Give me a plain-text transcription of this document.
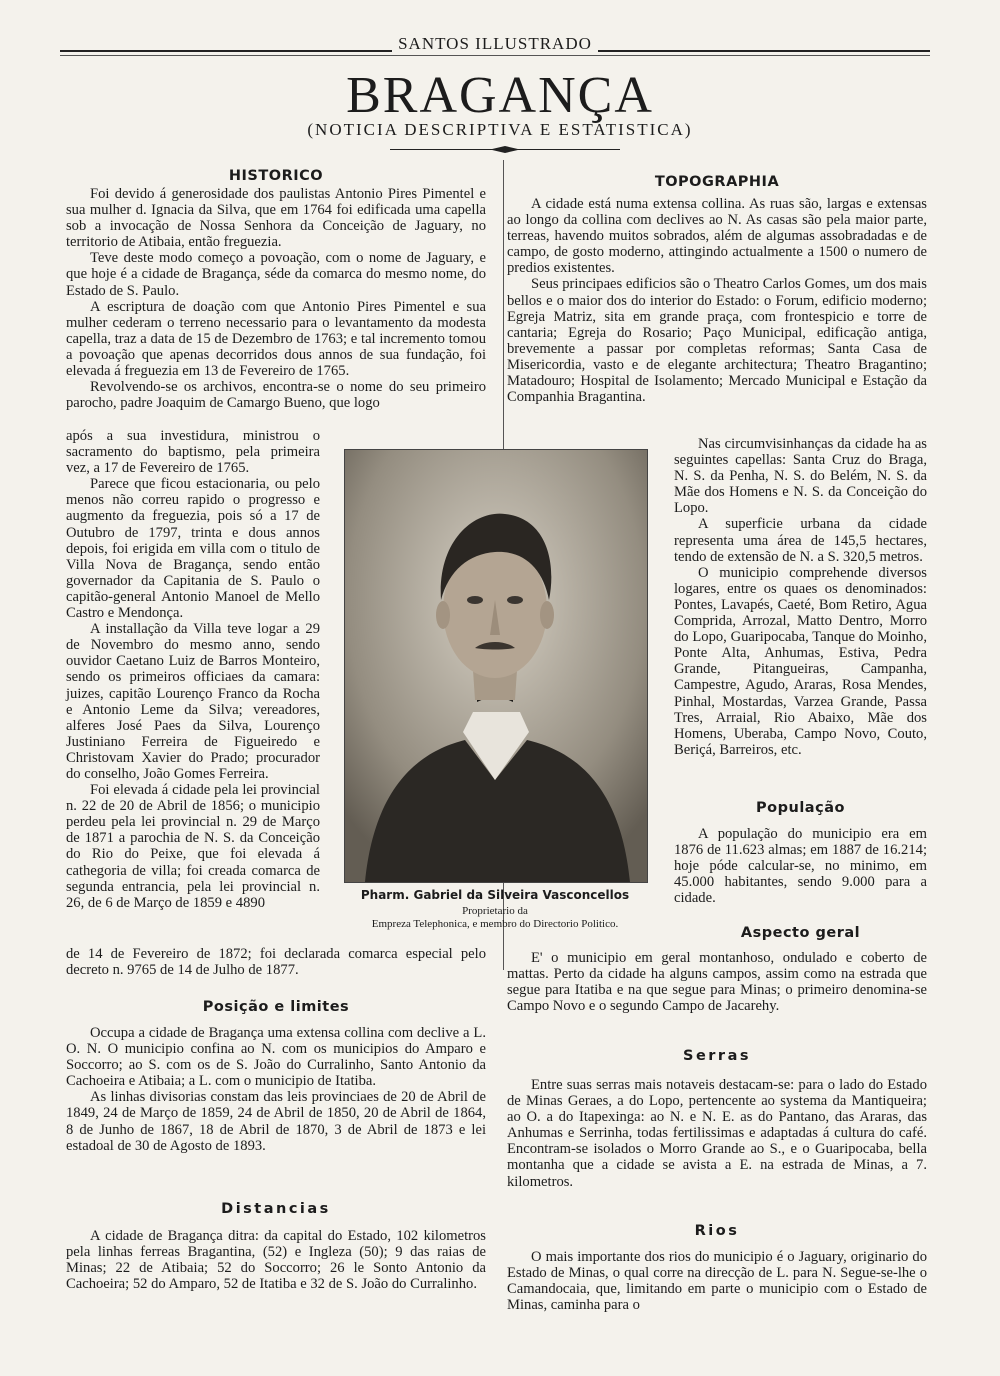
SANTOS ILLUSTRADO
BRAGANÇA
(NOTICIA DESCRIPTIVA E ESTATISTICA)
HISTORICO

Foi devido á generosidade dos paulistas Antonio Pires Pimentel e sua mulher d. Ignacia da Silva, que em 1764 foi edificada uma capella sob a invocação de Nossa Senhora da Conceição de Jaguary, no territorio de Atibaia, então freguezia.

Teve deste modo começo a povoação, com o nome de Jaguary, e que hoje é a cidade de Bragança, séde da comarca do mesmo nome, do Estado de S. Paulo.

A escriptura de doação com que Antonio Pires Pimentel e sua mulher cederam o terreno necessario para o levantamento da modesta capella, traz a data de 15 de Dezembro de 1763; e tal incremento tomou a povoação que apenas decorridos dous annos de sua fundação, foi elevada á freguezia em 13 de Fevereiro de 1765.

Revolvendo-se os archivos, encontra-se o nome do seu primeiro parocho, padre Joaquim de Camargo Bueno, que logo

após a sua investidura, ministrou o sacramento do baptismo, pela primeira vez, a 17 de Fevereiro de 1765.

Parece que ficou estacionaria, ou pelo menos não correu rapido o progresso e augmento da freguezia, pois só a 17 de Outubro de 1797, trinta e dous annos depois, foi erigida em villa com o titulo de Villa Nova de Bragança, sendo então governador da Capitania de S. Paulo o capitão-general Antonio Manoel de Mello Castro e Mendonça.

A installação da Villa teve logar a 29 de Novembro do mesmo anno, sendo ouvidor Caetano Luiz de Barros Monteiro, sendo os primeiros officiaes da camara: juizes, capitão Lourenço Franco da Rocha e Antonio Leme da Silva; vereadores, alferes José Paes da Silva, Lourenço Justiniano Ferreira de Figueiredo e Christovam Xavier do Prado; procurador do conselho, João Gomes Ferreira.

Foi elevada á cidade pela lei provincial n. 22 de 20 de Abril de 1856; o municipio perdeu pela lei provincial n. 29 de Março de 1871 a parochia de N. S. da Conceição do Rio do Peixe, que foi elevada á cathegoria de villa; foi creada comarca de segunda entrancia, pela lei provincial n. 26, de 6 de Março de 1859 e 4890

de 14 de Fevereiro de 1872; foi declarada comarca especial pelo decreto n. 9765 de 14 de Julho de 1877.

Posição e limites

Occupa a cidade de Bragança uma extensa collina com declive a L. O. N. O municipio confina ao N. com os municipios do Amparo e Soccorro; ao S. com os de S. João do Curralinho, Santo Antonio da Cachoeira e Atibaia; a L. com o municipio de Itatiba.

As linhas divisorias constam das leis provinciaes de 20 de Abril de 1849, 24 de Março de 1859, 24 de Abril de 1850, 20 de Abril de 1864, 8 de Junho de 1867, 18 de Abril de 1870, 3 de Abril de 1873 e lei estadoal de 30 de Agosto de 1893.

Distancias

A cidade de Bragança ditra: da capital do Estado, 102 kilometros pela linhas ferreas Bragantina, (52) e Ingleza (50); 9 das raias de Minas; 22 de Atibaia; 52 do Soccorro; 26 le Sonto Antonio da Cachoeira; 52 do Amparo, 52 de Itatiba e 32 de S. João do Curralinho.

TOPOGRAPHIA

A cidade está numa extensa collina. As ruas são, largas e extensas ao longo da collina com declives ao N. As casas são pela maior parte, terreas, havendo muitos sobrados, além de algumas assobradadas e de campo, de gosto moderno, attingindo actualmente a 1500 o numero de predios existentes.

Seus principaes edificios são o Theatro Carlos Gomes, um dos mais bellos e o maior dos do interior do Estado: o Forum, edificio moderno; Egreja Matriz, sita em grande praça, com frontespicio e torre de cantaria; Egreja do Rosario; Paço Municipal, edificação antiga, brevemente a passar por completas reformas; Santa Casa de Misericordia, vasto e de elegante architectura; Theatro Bragantino; Matadouro; Hospital de Isolamento; Mercado Municipal e Estação da Companhia Bragantina.

Nas circumvisinhanças da cidade ha as seguintes capellas: Santa Cruz do Braga, N. S. da Penha, N. S. do Belém, N. S. da Mãe dos Homens e N. S. da Conceição do Lopo.

A superficie urbana da cidade representa uma área de 145,5 hectares, tendo de extensão de N. a S. 320,5 metros.

O municipio comprehende diversos logares, entre os quaes os denominados: Pontes, Lavapés, Caeté, Bom Retiro, Agua Comprida, Arrozal, Matto Dentro, Morro do Lopo, Guaripocaba, Tanque do Moinho, Ponte Alta, Anhumas, Estiva, Pedra Grande, Pitangueiras, Campanha, Campestre, Agudo, Araras, Rosa Mendes, Pinhal, Mostardas, Varzea Grande, Passa Tres, Arraial, Rio Abaixo, Mãe dos Homens, Uberaba, Campo Novo, Couto, Beriçá, Barreiros, etc.

População

A população do municipio era em 1876 de 11.623 almas; em 1887 de 16.214; hoje póde calcular-se, no minimo, em 45.000 habitantes, sendo 9.000 para a cidade.

Aspecto geral

E' o municipio em geral montanhoso, ondulado e coberto de mattas. Perto da cidade ha alguns campos, assim como na estrada que segue para Itatiba e na que segue para Minas; o primeiro denomina-se Campo Novo e o segundo Campo de Jacarehy.

Serras

Entre suas serras mais notaveis destacam-se: para o lado do Estado de Minas Geraes, a do Lopo, pertencente ao systema da Mantiqueira; ao O. a do Itapexinga: ao N. e N. E. as do Pantano, das Araras, das Anhumas e Serrinha, todas fertilissimas e adaptadas á cultura do café. Encontram-se isolados o Morro Grande ao S., e o Guaripocaba, bella montanha que a cidade se avista a E. na estrada de Minas, a 7. kilometros.

Rios

O mais importante dos rios do municipio é o Jaguary, originario do Estado de Minas, o qual corre na direcção de L. para N. Segue-se-lhe o Camandocaia, que, limitando em parte o municipio com o Estado de Minas, caminha para o

Pharm. Gabriel da Silveira Vasconcellos
Proprietario da
Empreza Telephonica, e membro do Directorio Politico.
